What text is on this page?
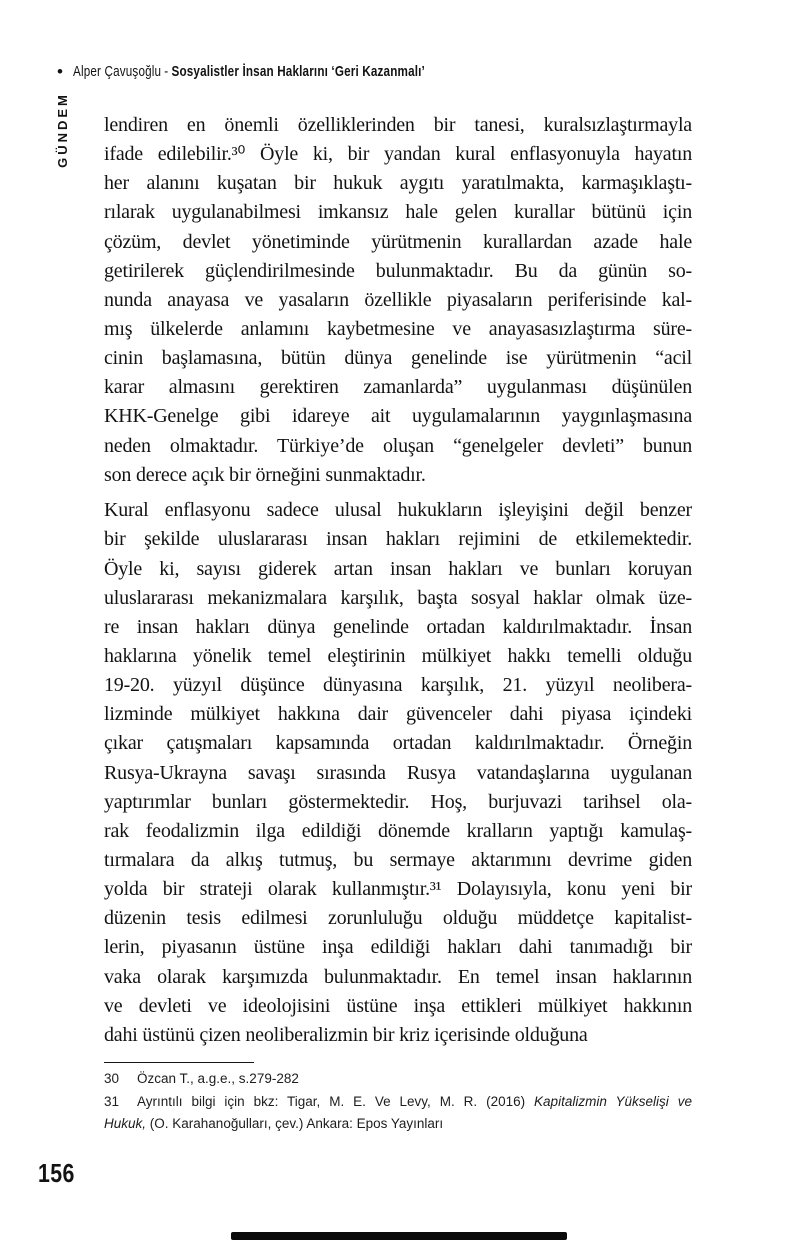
• Alper Çavuşoğlu - Sosyalistler İnsan Haklarını ‘Geri Kazanmalı’
GÜNDEM lendiren en önemli özelliklerinden bir tanesi, kuralsızlaştırmayla
ifade edilebilir.³⁰ Öyle ki, bir yandan kural enflasyonuyla hayatın
her alanını kuşatan bir hukuk aygıtı yaratılmakta, karmaşıklaştı-
rılarak uygulanabilmesi imkansız hale gelen kurallar bütünü için
çözüm, devlet yönetiminde yürütmenin kurallardan azade hale
getirilerek güçlendirilmesinde bulunmaktadır. Bu da günün so-
nunda anayasa ve yasaların özellikle piyasaların periferisinde kal-
mış ülkelerde anlamını kaybetmesine ve anayasasızlaştırma süre-
cinin başlamasına, bütün dünya genelinde ise yürütmenin “acil
karar almasını gerektiren zamanlarda” uygulanması düşünülen
KHK-Genelge gibi idareye ait uygulamalarının yaygınlaşmasına
neden olmaktadır. Türkiye’de oluşan “genelgeler devleti” bunun
son derece açık bir örneğini sunmaktadır.
Kural enflasyonu sadece ulusal hukukların işleyişini değil benzer
bir şekilde uluslararası insan hakları rejimini de etkilemektedir.
Öyle ki, sayısı giderek artan insan hakları ve bunları koruyan
uluslararası mekanizmalara karşılık, başta sosyal haklar olmak üze-
re insan hakları dünya genelinde ortadan kaldırılmaktadır. İnsan
haklarına yönelik temel eleştirinin mülkiyet hakkı temelli olduğu
19-20. yüzyıl düşünce dünyasına karşılık, 21. yüzyıl neolibera-
lizminde mülkiyet hakkına dair güvenceler dahi piyasa içindeki
çıkar çatışmaları kapsamında ortadan kaldırılmaktadır. Örneğin
Rusya-Ukrayna savaşı sırasında Rusya vatandaşlarına uygulanan
yaptırımlar bunları göstermektedir. Hoş, burjuvazi tarihsel ola-
rak feodalizmin ilga edildiği dönemde kralların yaptığı kamulaş-
tırmalara da alkış tutmuş, bu sermaye aktarımını devrime giden
yolda bir strateji olarak kullanmıştır.³¹ Dolayısıyla, konu yeni bir
düzenin tesis edilmesi zorunluluğu olduğu müddetçe kapitalist-
lerin, piyasanın üstüne inşa edildiği hakları dahi tanımadığı bir
vaka olarak karşımızda bulunmaktadır. En temel insan haklarının
ve devleti ve ideolojisini üstüne inşa ettikleri mülkiyet hakkının
dahi üstünü çizen neoliberalizmin bir kriz içerisinde olduğuna
30 Özcan T., a.g.e., s.279-282
31 Ayrıntılı bilgi için bkz: Tigar, M. E. Ve Levy, M. R. (2016) Kapitalizmin Yükselişi ve
Hukuk, (O. Karahanoğulları, çev.) Ankara: Epos Yayınları
156
